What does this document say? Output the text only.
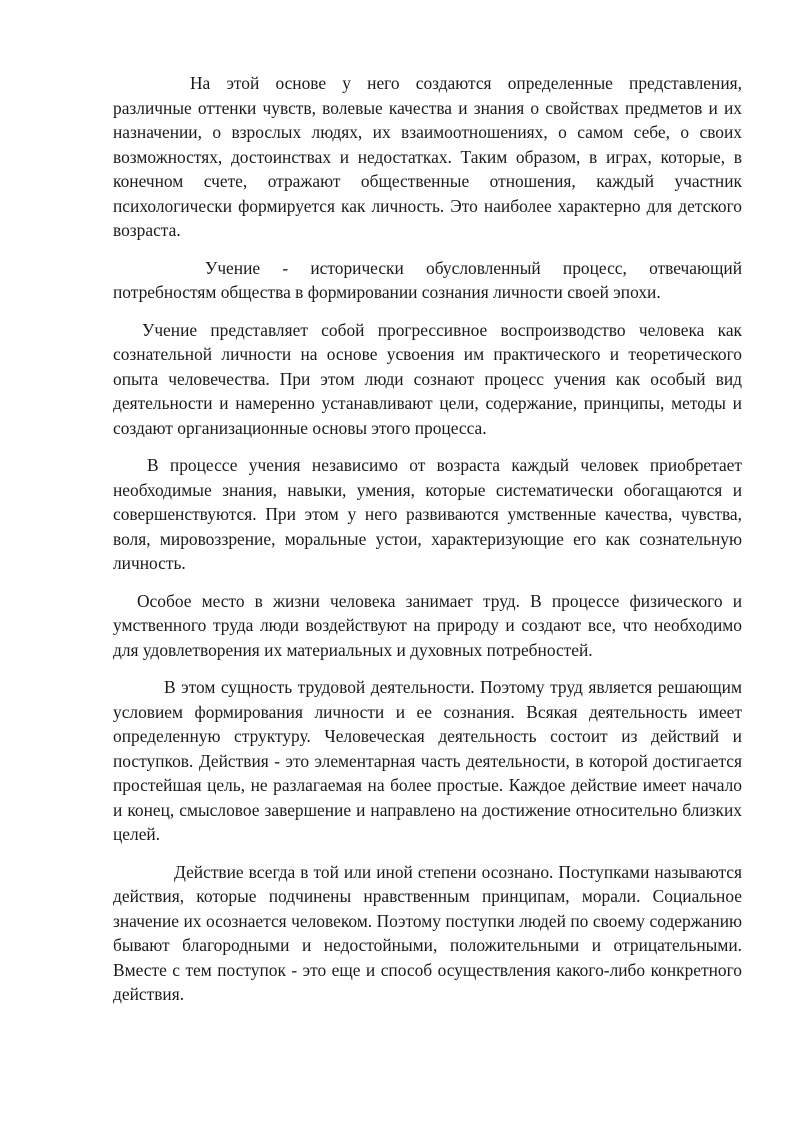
На этой основе у него создаются определенные представления, различные оттенки чувств, волевые качества и знания о свойствах предметов и их назначении, о взрослых людях, их взаимоотношениях, о самом себе, о своих возможностях, достоинствах и недостатках. Таким образом, в играх, которые, в конечном счете, отражают общественные отношения, каждый участник психологически формируется как личность. Это наиболее характерно для детского возраста.

Учение - исторически обусловленный процесс, отвечающий потребностям общества в формировании сознания личности своей эпохи.

Учение представляет собой прогрессивное воспроизводство человека как сознательной личности на основе усвоения им практического и теоретического опыта человечества. При этом люди сознают процесс учения как особый вид деятельности и намеренно устанавливают цели, содержание, принципы, методы и создают организационные основы этого процесса.

В процессе учения независимо от возраста каждый человек приобретает необходимые знания, навыки, умения, которые систематически обогащаются и совершенствуются. При этом у него развиваются умственные качества, чувства, воля, мировоззрение, моральные устои, характеризующие его как сознательную личность.

Особое место в жизни человека занимает труд. В процессе физического и умственного труда люди воздействуют на природу и создают все, что необходимо для удовлетворения их материальных и духовных потребностей.

В этом сущность трудовой деятельности. Поэтому труд является решающим условием формирования личности и ее сознания. Всякая деятельность имеет определенную структуру. Человеческая деятельность состоит из действий и поступков. Действия - это элементарная часть деятельности, в которой достигается простейшая цель, не разлагаемая на более простые. Каждое действие имеет начало и конец, смысловое завершение и направлено на достижение относительно близких целей.

Действие всегда в той или иной степени осознано. Поступками называются действия, которые подчинены нравственным принципам, морали. Социальное значение их осознается человеком. Поэтому поступки людей по своему содержанию бывают благородными и недостойными, положительными и отрицательными. Вместе с тем поступок - это еще и способ осуществления какого-либо конкретного действия.
